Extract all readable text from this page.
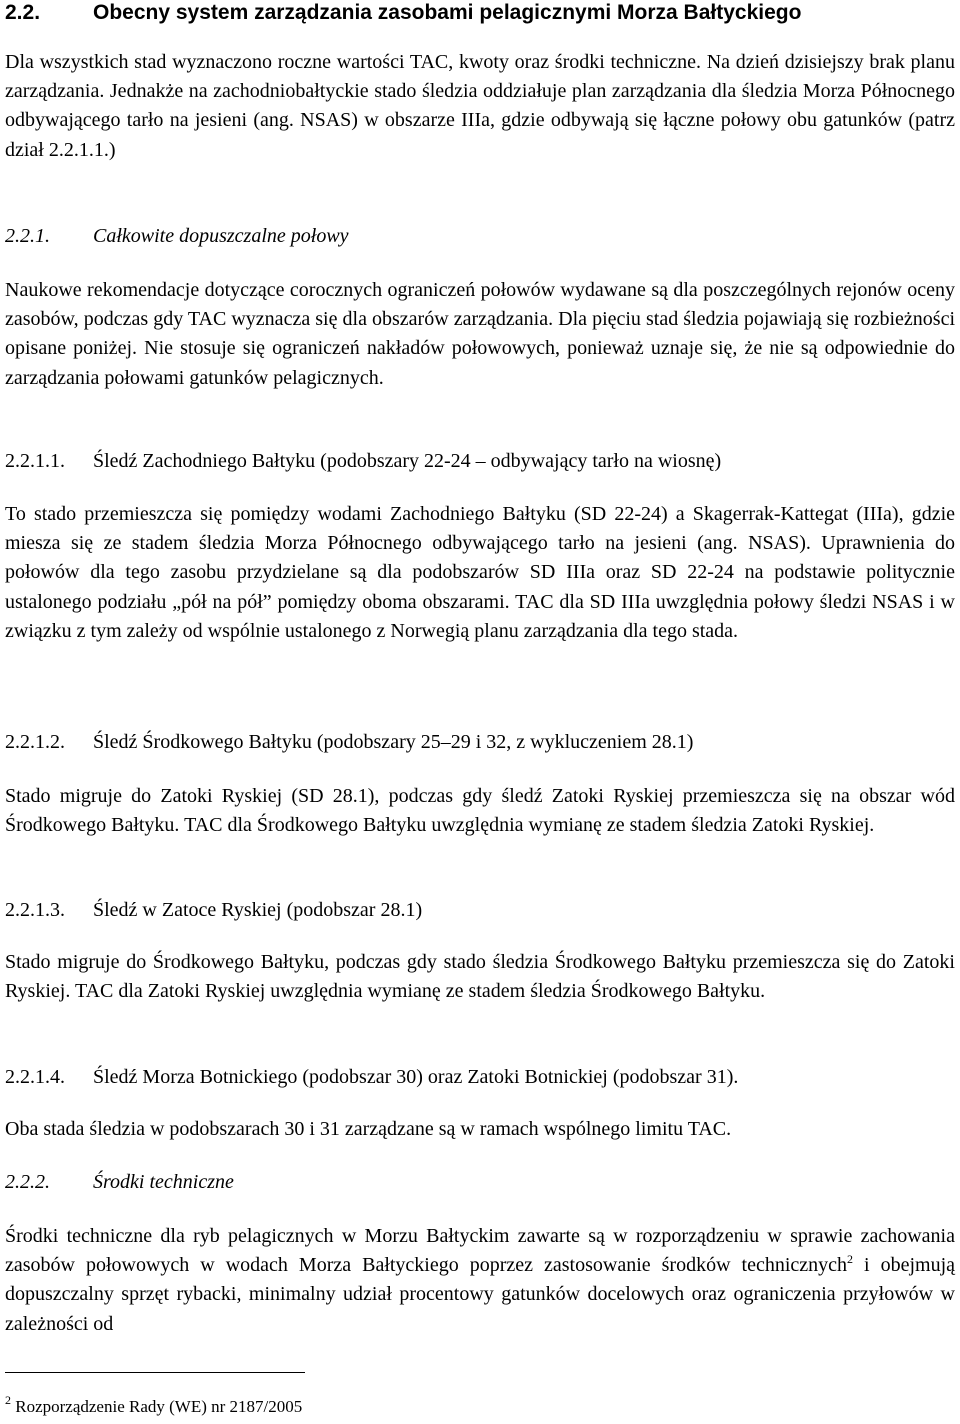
2.2.	Obecny system zarządzania zasobami pelagicznymi Morza Bałtyckiego
Dla wszystkich stad wyznaczono roczne wartości TAC, kwoty oraz środki techniczne. Na dzień dzisiejszy brak planu zarządzania. Jednakże na zachodniobałtyckie stado śledzia oddziałuje plan zarządzania dla śledzia Morza Północnego odbywającego tarło na jesieni (ang. NSAS) w obszarze IIIa, gdzie odbywają się łączne połowy obu gatunków (patrz dział 2.2.1.1.)
2.2.1. Całkowite dopuszczalne połowy
Naukowe rekomendacje dotyczące corocznych ograniczeń połowów wydawane są dla poszczególnych rejonów oceny zasobów, podczas gdy TAC wyznacza się dla obszarów zarządzania. Dla pięciu stad śledzia pojawiają się rozbieżności opisane poniżej. Nie stosuje się ograniczeń nakładów połowowych, ponieważ uznaje się, że nie są odpowiednie do zarządzania połowami gatunków pelagicznych.
2.2.1.1. Śledź Zachodniego Bałtyku (podobszary 22-24 – odbywający tarło na wiosnę)
To stado przemieszcza się pomiędzy wodami Zachodniego Bałtyku (SD 22-24) a Skagerrak-Kattegat (IIIa), gdzie miesza się ze stadem śledzia Morza Północnego odbywającego tarło na jesieni (ang. NSAS). Uprawnienia do połowów dla tego zasobu przydzielane są dla podobszarów SD IIIa oraz SD 22-24 na podstawie politycznie ustalonego podziału „pół na pół” pomiędzy oboma obszarami. TAC dla SD IIIa uwzględnia połowy śledzi NSAS i w związku z tym zależy od wspólnie ustalonego z Norwegią planu zarządzania dla tego stada.
2.2.1.2. Śledź Środkowego Bałtyku (podobszary 25–29 i 32, z wykluczeniem 28.1)
Stado migruje do Zatoki Ryskiej (SD 28.1), podczas gdy śledź Zatoki Ryskiej przemieszcza się na obszar wód Środkowego Bałtyku. TAC dla Środkowego Bałtyku uwzględnia wymianę ze stadem śledzia Zatoki Ryskiej.
2.2.1.3. Śledź w Zatoce Ryskiej (podobszar 28.1)
Stado migruje do Środkowego Bałtyku, podczas gdy stado śledzia Środkowego Bałtyku przemieszcza się do Zatoki Ryskiej. TAC dla Zatoki Ryskiej uwzględnia wymianę ze stadem śledzia Środkowego Bałtyku.
2.2.1.4. Śledź Morza Botnickiego (podobszar 30) oraz Zatoki Botnickiej (podobszar 31).
Oba stada śledzia w podobszarach 30 i 31 zarządzane są w ramach wspólnego limitu TAC.
2.2.2. Środki techniczne
Środki techniczne dla ryb pelagicznych w Morzu Bałtyckim zawarte są w rozporządzeniu w sprawie zachowania zasobów połowowych w wodach Morza Bałtyckiego poprzez zastosowanie środków technicznych$^2$ i obejmują dopuszczalny sprzęt rybacki, minimalny udział procentowy gatunków docelowych oraz ograniczenia przyłowów w zależności od
$^2$ Rozporządzenie Rady (WE) nr 2187/2005
